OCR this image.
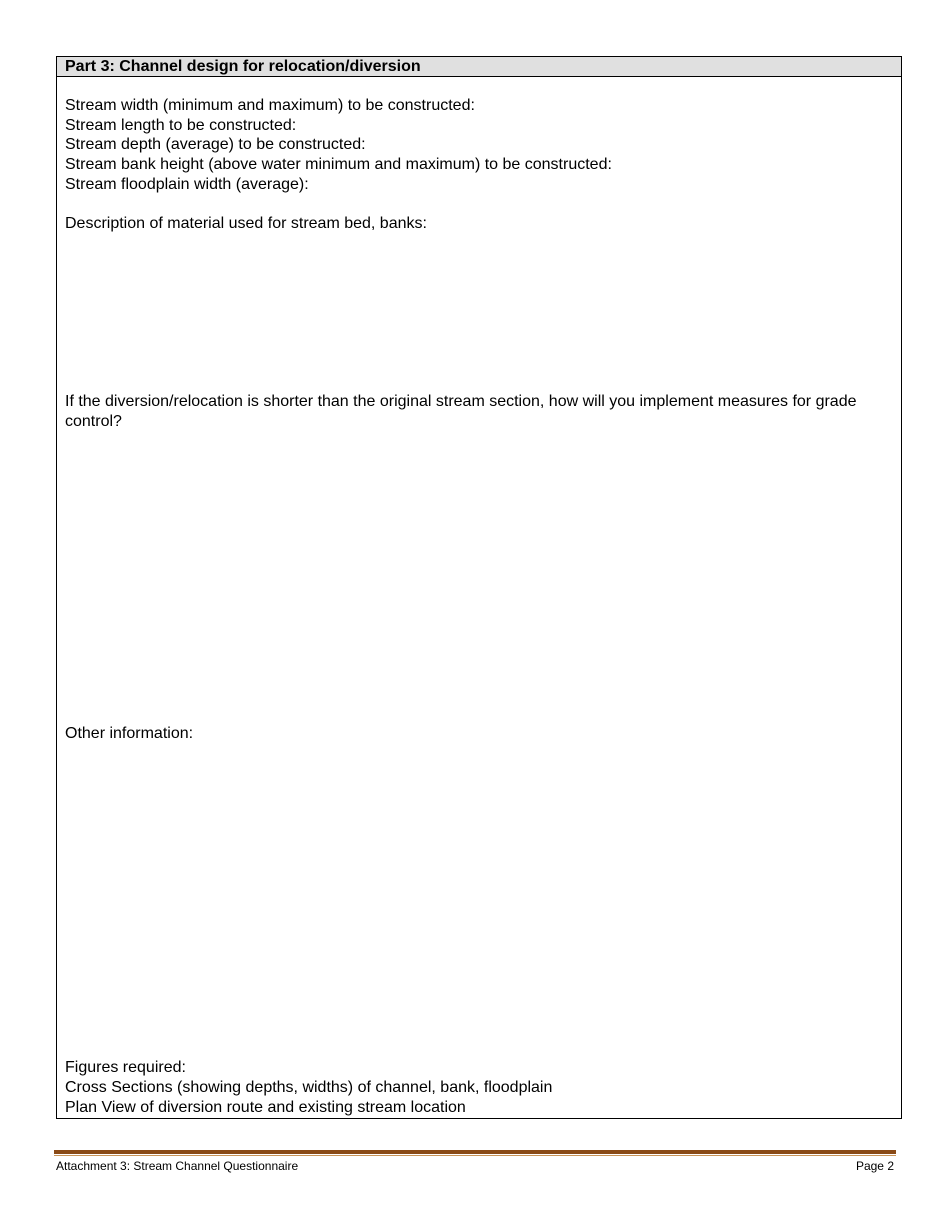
Part 3: Channel design for relocation/diversion
Stream width (minimum and maximum) to be constructed:
Stream length to be constructed:
Stream depth (average) to be constructed:
Stream bank height (above water minimum and maximum) to be constructed:
Stream floodplain width (average):
Description of material used for stream bed, banks:
If the diversion/relocation is shorter than the original stream section, how will you implement measures for grade control?
Other information:
Figures required:
Cross Sections (showing depths, widths) of channel, bank, floodplain
Plan View of diversion route and existing stream location
Attachment 3: Stream Channel Questionnaire	Page 2
